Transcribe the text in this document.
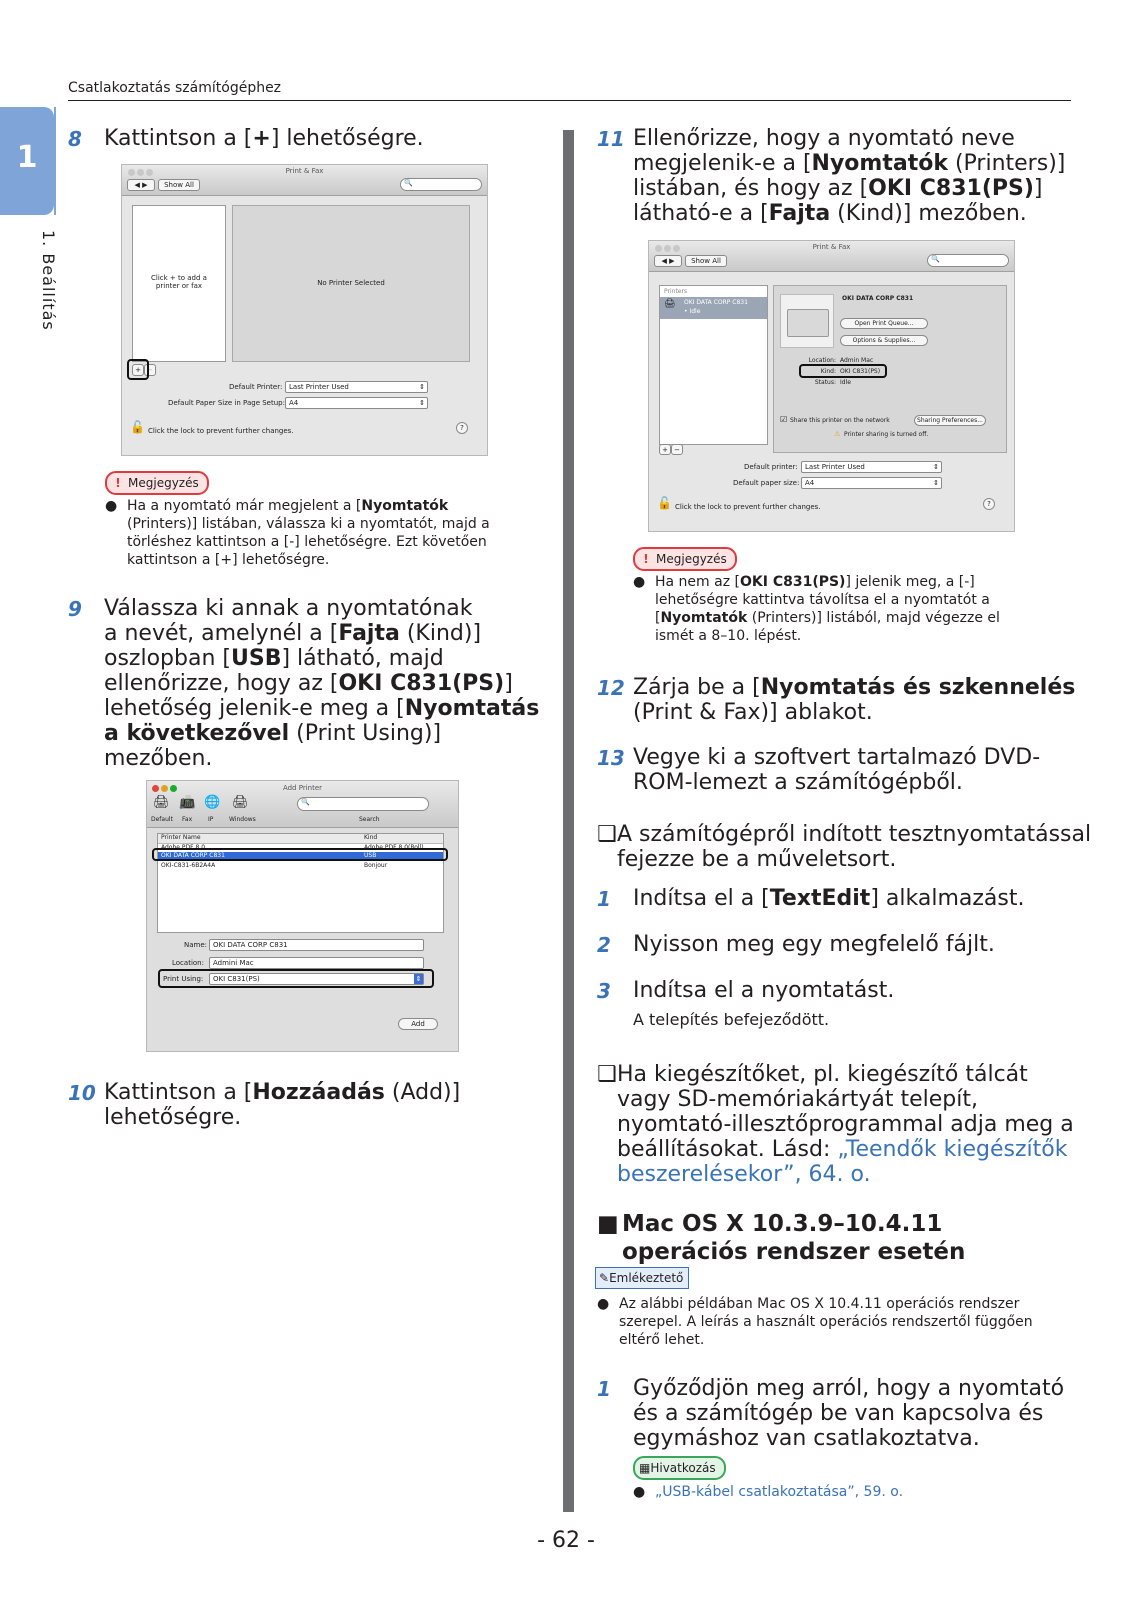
Csatlakoztatás számítógéphez
1
1. Beállítás
8 Kattintson a [+] lehetőségre.
Print & Fax
◀ ▶	Show All	🔍
Click + to add a printer or fax	No Printer Selected
+ −
Default Printer: Last Printer Used	⇕
Default Paper Size in Page Setup: A4	⇕
🔓 Click the lock to prevent further changes.	?
! Megjegyzés
● Ha a nyomtató már megjelent a [Nyomtatók
(Printers)] listában, válassza ki a nyomtatót, majd a
törléshez kattintson a [-] lehetőségre. Ezt követően
kattintson a [+] lehetőségre.
9 Válassza ki annak a nyomtatónak
a nevét, amelynél a [Fajta (Kind)]
oszlopban [USB] látható, majd
ellenőrizze, hogy az [OKI C831(PS)]
lehetőség jelenik-e meg a [Nyomtatás
a következővel (Print Using)]
mezőben.
Add Printer
🖨 📠 🌐 🖨
Default Fax	IP	Windows
🔍
Search
Printer Name	Kind
Adobe PDF 8.0	Adobe PDF 8.0(Roll)
OKI DATA CORP C831	USB
OKI-C831-6B2A4A	Bonjour
Name: OKI DATA CORP C831
Location:	Admini Mac
Print Using:	OKI C831(PS)	⇕
Add
10 Kattintson a [Hozzáadás (Add)]
lehetőségre.
11 Ellenőrizze, hogy a nyomtató neve
megjelenik-e a [Nyomtatók (Printers)]
listában, és hogy az [OKI C831(PS)]
látható-e a [Fajta (Kind)] mezőben.
Print & Fax
◀ ▶	Show All	🔍
Printers
🖨 OKI DATA CORP C831
• Idle
+ −
OKI DATA CORP C831
Open Print Queue...
Options & Supplies...
Location: Admin Mac
Kind: OKI C831(PS)
Status: Idle
☑ Share this printer on the network	Sharing Preferences...
⚠ Printer sharing is turned off.
Default printer:	Last Printer Used	⇕
Default paper size: A4	⇕
🔓 Click the lock to prevent further changes.	?
! Megjegyzés
● Ha nem az [OKI C831(PS)] jelenik meg, a [-]
lehetőségre kattintva távolítsa el a nyomtatót a
[Nyomtatók (Printers)] listából, majd végezze el
ismét a 8–10. lépést.
12 Zárja be a [Nyomtatás és szkennelés
(Print & Fax)] ablakot.
13 Vegye ki a szoftvert tartalmazó DVD-
ROM-lemezt a számítógépből.
❑ A számítógépről indított tesztnyomtatással
fejezze be a műveletsort.
1 Indítsa el a [TextEdit] alkalmazást.
2 Nyisson meg egy megfelelő fájlt.
3 Indítsa el a nyomtatást.
A telepítés befejeződött.
❑ Ha kiegészítőket, pl. kiegészítő tálcát
vagy SD-memóriakártyát telepít,
nyomtató-illesztőprogrammal adja meg a
beállításokat. Lásd: „Teendők kiegészítők
beszerelésekor”, 64. o.
■ Mac OS X 10.3.9–10.4.11
operációs rendszer esetén
✎Emlékeztető
● Az alábbi példában Mac OS X 10.4.11 operációs rendszer
szerepel. A leírás a használt operációs rendszertől függően
eltérő lehet.
1 Győződjön meg arról, hogy a nyomtató
és a számítógép be van kapcsolva és
egymáshoz van csatlakoztatva.
▦Hivatkozás
● „USB-kábel csatlakoztatása”, 59. o.
- 62 -
